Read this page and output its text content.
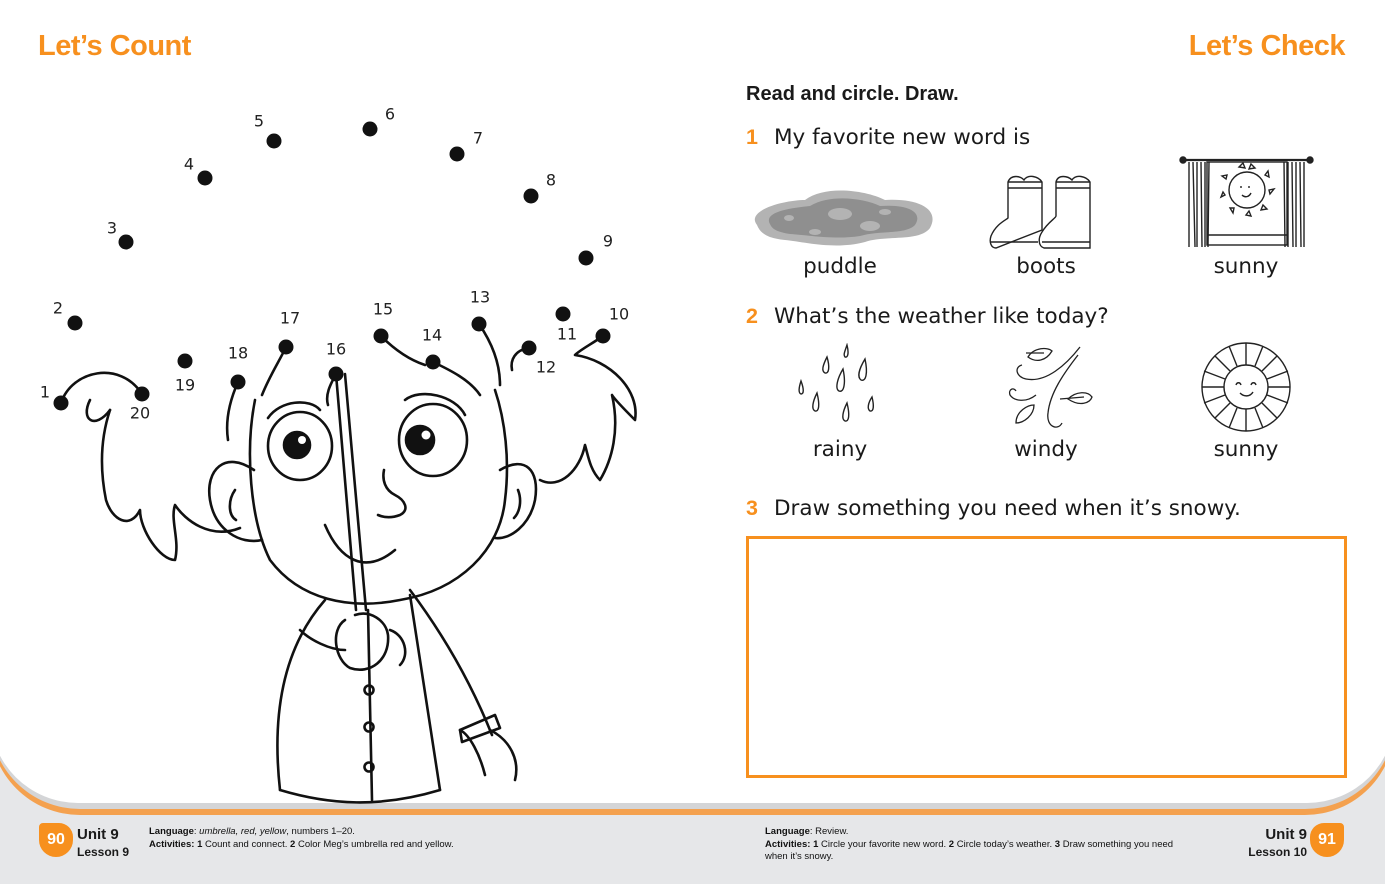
Let’s Count
1
2
3
4
5	6
7
8
9
10
11
12
13
14
15
16
17
18
19
20
Let’s Check
Read and circle. Draw.
1 My favorite new word is
puddle	boots	sunny
2 What’s the weather like today?
rainy	windy	sunny
3 Draw something you need when it’s snowy.
90 Unit 9
Lesson 9
Language: umbrella, red, yellow, numbers 1–20.
Activities: 1 Count and connect. 2 Color Meg’s umbrella red and yellow.
Language: Review.
Activities: 1 Circle your favorite new word. 2 Circle today’s weather. 3 Draw something you need when it’s snowy.
Unit 9
Lesson 10
91
